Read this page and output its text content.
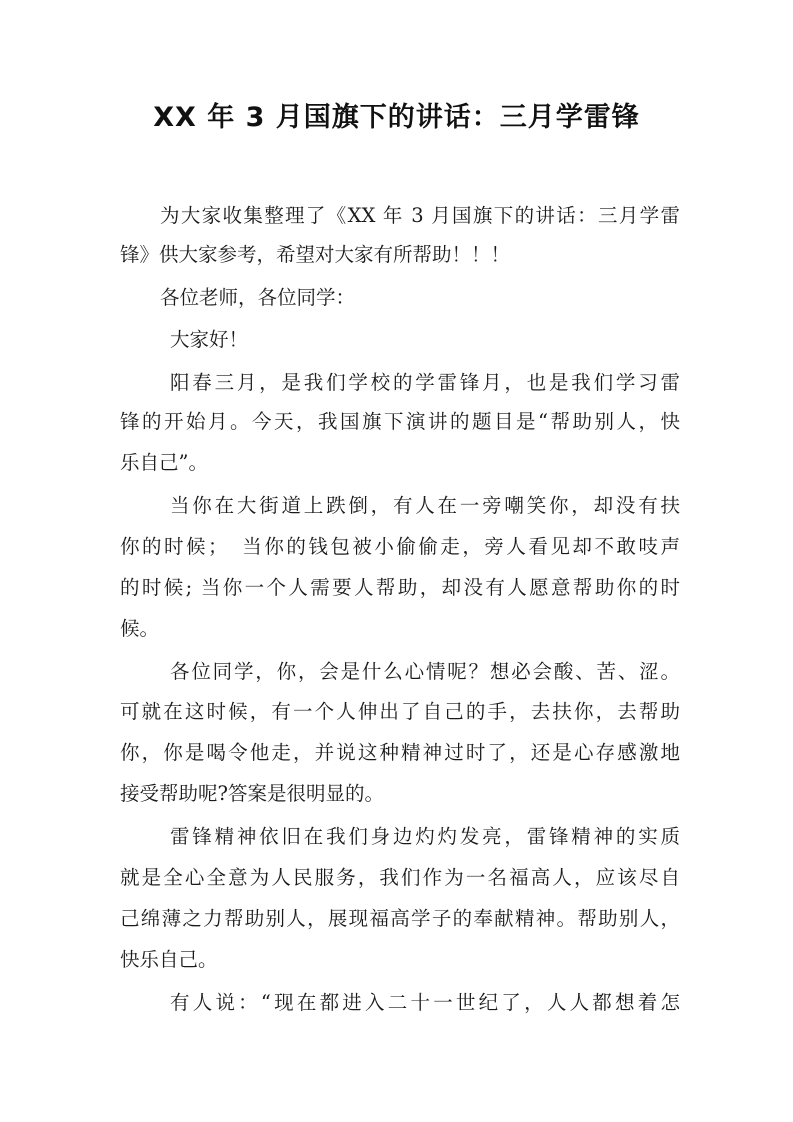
XX 年 3 月国旗下的讲话：三月学雷锋
为大家收集整理了《XX 年 3 月国旗下的讲话：三月学雷
锋》供大家参考，希望对大家有所帮助！！！
各位老师，各位同学：
大家好！
阳春三月，是我们学校的学雷锋月，也是我们学习雷
锋的开始月。今天，我国旗下演讲的题目是“帮助别人，快
乐自己”。
当你在大街道上跌倒，有人在一旁嘲笑你，却没有扶
你的时候；　当你的钱包被小偷偷走，旁人看见却不敢吱声
的时候; 当你一个人需要人帮助，却没有人愿意帮助你的时
候。
各位同学，你，会是什么心情呢？想必会酸、苦、涩。
可就在这时候，有一个人伸出了自己的手，去扶你，去帮助
你，你是喝令他走，并说这种精神过时了，还是心存感激地
接受帮助呢?答案是很明显的。
雷锋精神依旧在我们身边灼灼发亮，雷锋精神的实质
就是全心全意为人民服务，我们作为一名福高人，应该尽自
己绵薄之力帮助别人，展现福高学子的奉献精神。帮助别人，
快乐自己。
有人说：“现在都进入二十一世纪了，人人都想着怎
